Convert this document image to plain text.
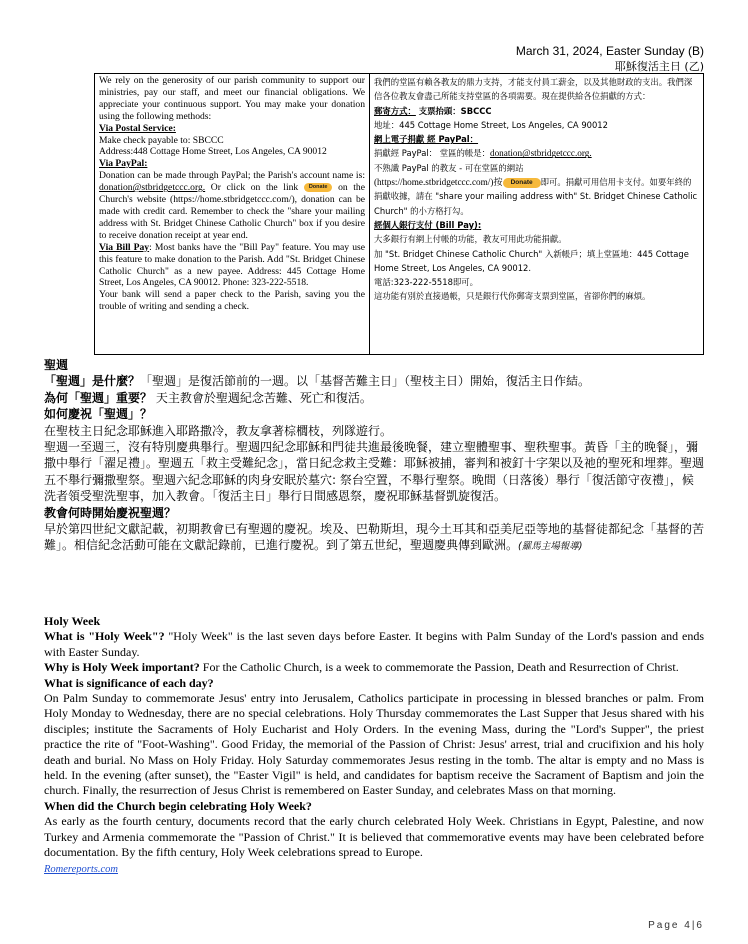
March 31, 2024, Easter Sunday (B)
耶穌復活主日 (乙)
We rely on the generosity of our parish community to support our ministries, pay our staff, and meet our financial obligations. We appreciate your continuous support. You may make your donation using the following methods:
Via Postal Service:
Make check payable to: SBCCC
Address:448 Cottage Home Street, Los Angeles, CA 90012
Via PayPal:
Donation can be made through PayPal; the Parish's account name is: donation@stbridgetccc.org. Or click on the link Donate on the Church's website (https://home.stbridgetccc.com/), donation can be made with credit card. Remember to check the "share your mailing address with St. Bridget Chinese Catholic Church" box if you desire to receive donation receipt at year end.
Via Bill Pay: Most banks have the "Bill Pay" feature. You may use this feature to make donation to the Parish. Add "St. Bridget Chinese Catholic Church" as a new payee. Address: 445 Cottage Home Street, Los Angeles, CA 90012. Phone: 323-222-5518.
Your bank will send a paper check to the Parish, saving you the trouble of writing and sending a check.
我們的堂區有賴各教友的鼎力支持，才能支付員工薪金，以及其他財政的支出。我們深信各位教友會盡己所能支持堂區的各項需要。現在提供給各位捐獻的方式：
郵寄方式： 支票抬頭：SBCCC
地址：445 Cottage Home Street, Los Angeles, CA 90012
網上電子捐獻 經 PayPal：
捐獻經 PayPal： 堂區的帳是：donation@stbridgetccc.org.
不熟識 PayPal 的教友 - 可在堂區的網站
(https://home.stbridgetccc.com/)按 Donate 即可。捐獻可用信用卡支付。如要年終的捐獻收據，請在 "share your mailing address with" St. Bridget Chinese Catholic Church" 的小方格打勾。
經個人銀行支付 (Bill Pay):
大多銀行有網上付帳的功能，教友可用此功能捐獻。
加 "St. Bridget Chinese Catholic Church" 入新帳戶；填上堂區地：445 Cottage Home Street, Los Angeles, CA 90012.
電話:323-222-5518即可。
這功能有別於直接過帳，只是銀行代你郵寄支票到堂區，省卻你們的麻煩。
聖週
「聖週」是什麼？「聖週」是復活節前的一週。以「基督苦難主日」（聖枝主日）開始，復活主日作結。
為何「聖週」重要？ 天主教會於聖週紀念苦難、死亡和復活。
如何慶祝「聖週」？
在聖枝主日紀念耶穌進入耶路撒冷，教友拿著棕櫚枝，列隊遊行。
聖週一至週三，沒有特別慶典舉行。聖週四紀念耶穌和門徒共進最後晚餐，建立聖體聖事、聖秩聖事。黃昏「主的晚餐」，彌撒中舉行「濯足禮」。聖週五「救主受難紀念」，當日紀念救主受難：耶穌被捕，審判和被釘十字架以及祂的聖死和埋葬。聖週五不舉行彌撒聖祭。聖週六紀念耶穌的肉身安眠於墓穴: 祭台空置，不舉行聖祭。晚間（日落後）舉行「復活節守夜禮」，候洗者領受聖洗聖事，加入教會。「復活主日」舉行日間感恩祭，慶祝耶穌基督凱旋復活。
教會何時開始慶祝聖週？
早於第四世紀文獻記載，初期教會已有聖週的慶祝。埃及、巴勒斯坦，現今土耳其和亞美尼亞等地的基督徒都紀念「基督的苦難」。相信紀念活動可能在文獻記錄前，已進行慶祝。到了第五世紀，聖週慶典傳到歐洲。(羅馬主場報導)
Holy Week
What is "Holy Week"? "Holy Week" is the last seven days before Easter. It begins with Palm Sunday of the Lord's passion and ends with Easter Sunday.
Why is Holy Week important? For the Catholic Church, is a week to commemorate the Passion, Death and Resurrection of Christ.
What is significance of each day?
On Palm Sunday to commemorate Jesus' entry into Jerusalem, Catholics participate in processing in blessed branches or palm. From Holy Monday to Wednesday, there are no special celebrations. Holy Thursday commemorates the Last Supper that Jesus shared with his disciples; institute the Sacraments of Holy Eucharist and Holy Orders. In the evening Mass, during the "Lord's Supper", the priest practice the rite of "Foot-Washing". Good Friday, the memorial of the Passion of Christ: Jesus' arrest, trial and crucifixion and his holy death and burial. No Mass on Holy Friday. Holy Saturday commemorates Jesus resting in the tomb. The altar is empty and no Mass is held. In the evening (after sunset), the "Easter Vigil" is held, and candidates for baptism receive the Sacrament of Baptism and join the church. Finally, the resurrection of Jesus Christ is remembered on Easter Sunday, and celebrates Mass on that morning.
When did the Church begin celebrating Holy Week?
As early as the fourth century, documents record that the early church celebrated Holy Week. Christians in Egypt, Palestine, and now Turkey and Armenia commemorate the "Passion of Christ." It is believed that commemorative events may have been celebrated before documentation. By the fifth century, Holy Week celebrations spread to Europe.
Romereports.com
Page 4|6
